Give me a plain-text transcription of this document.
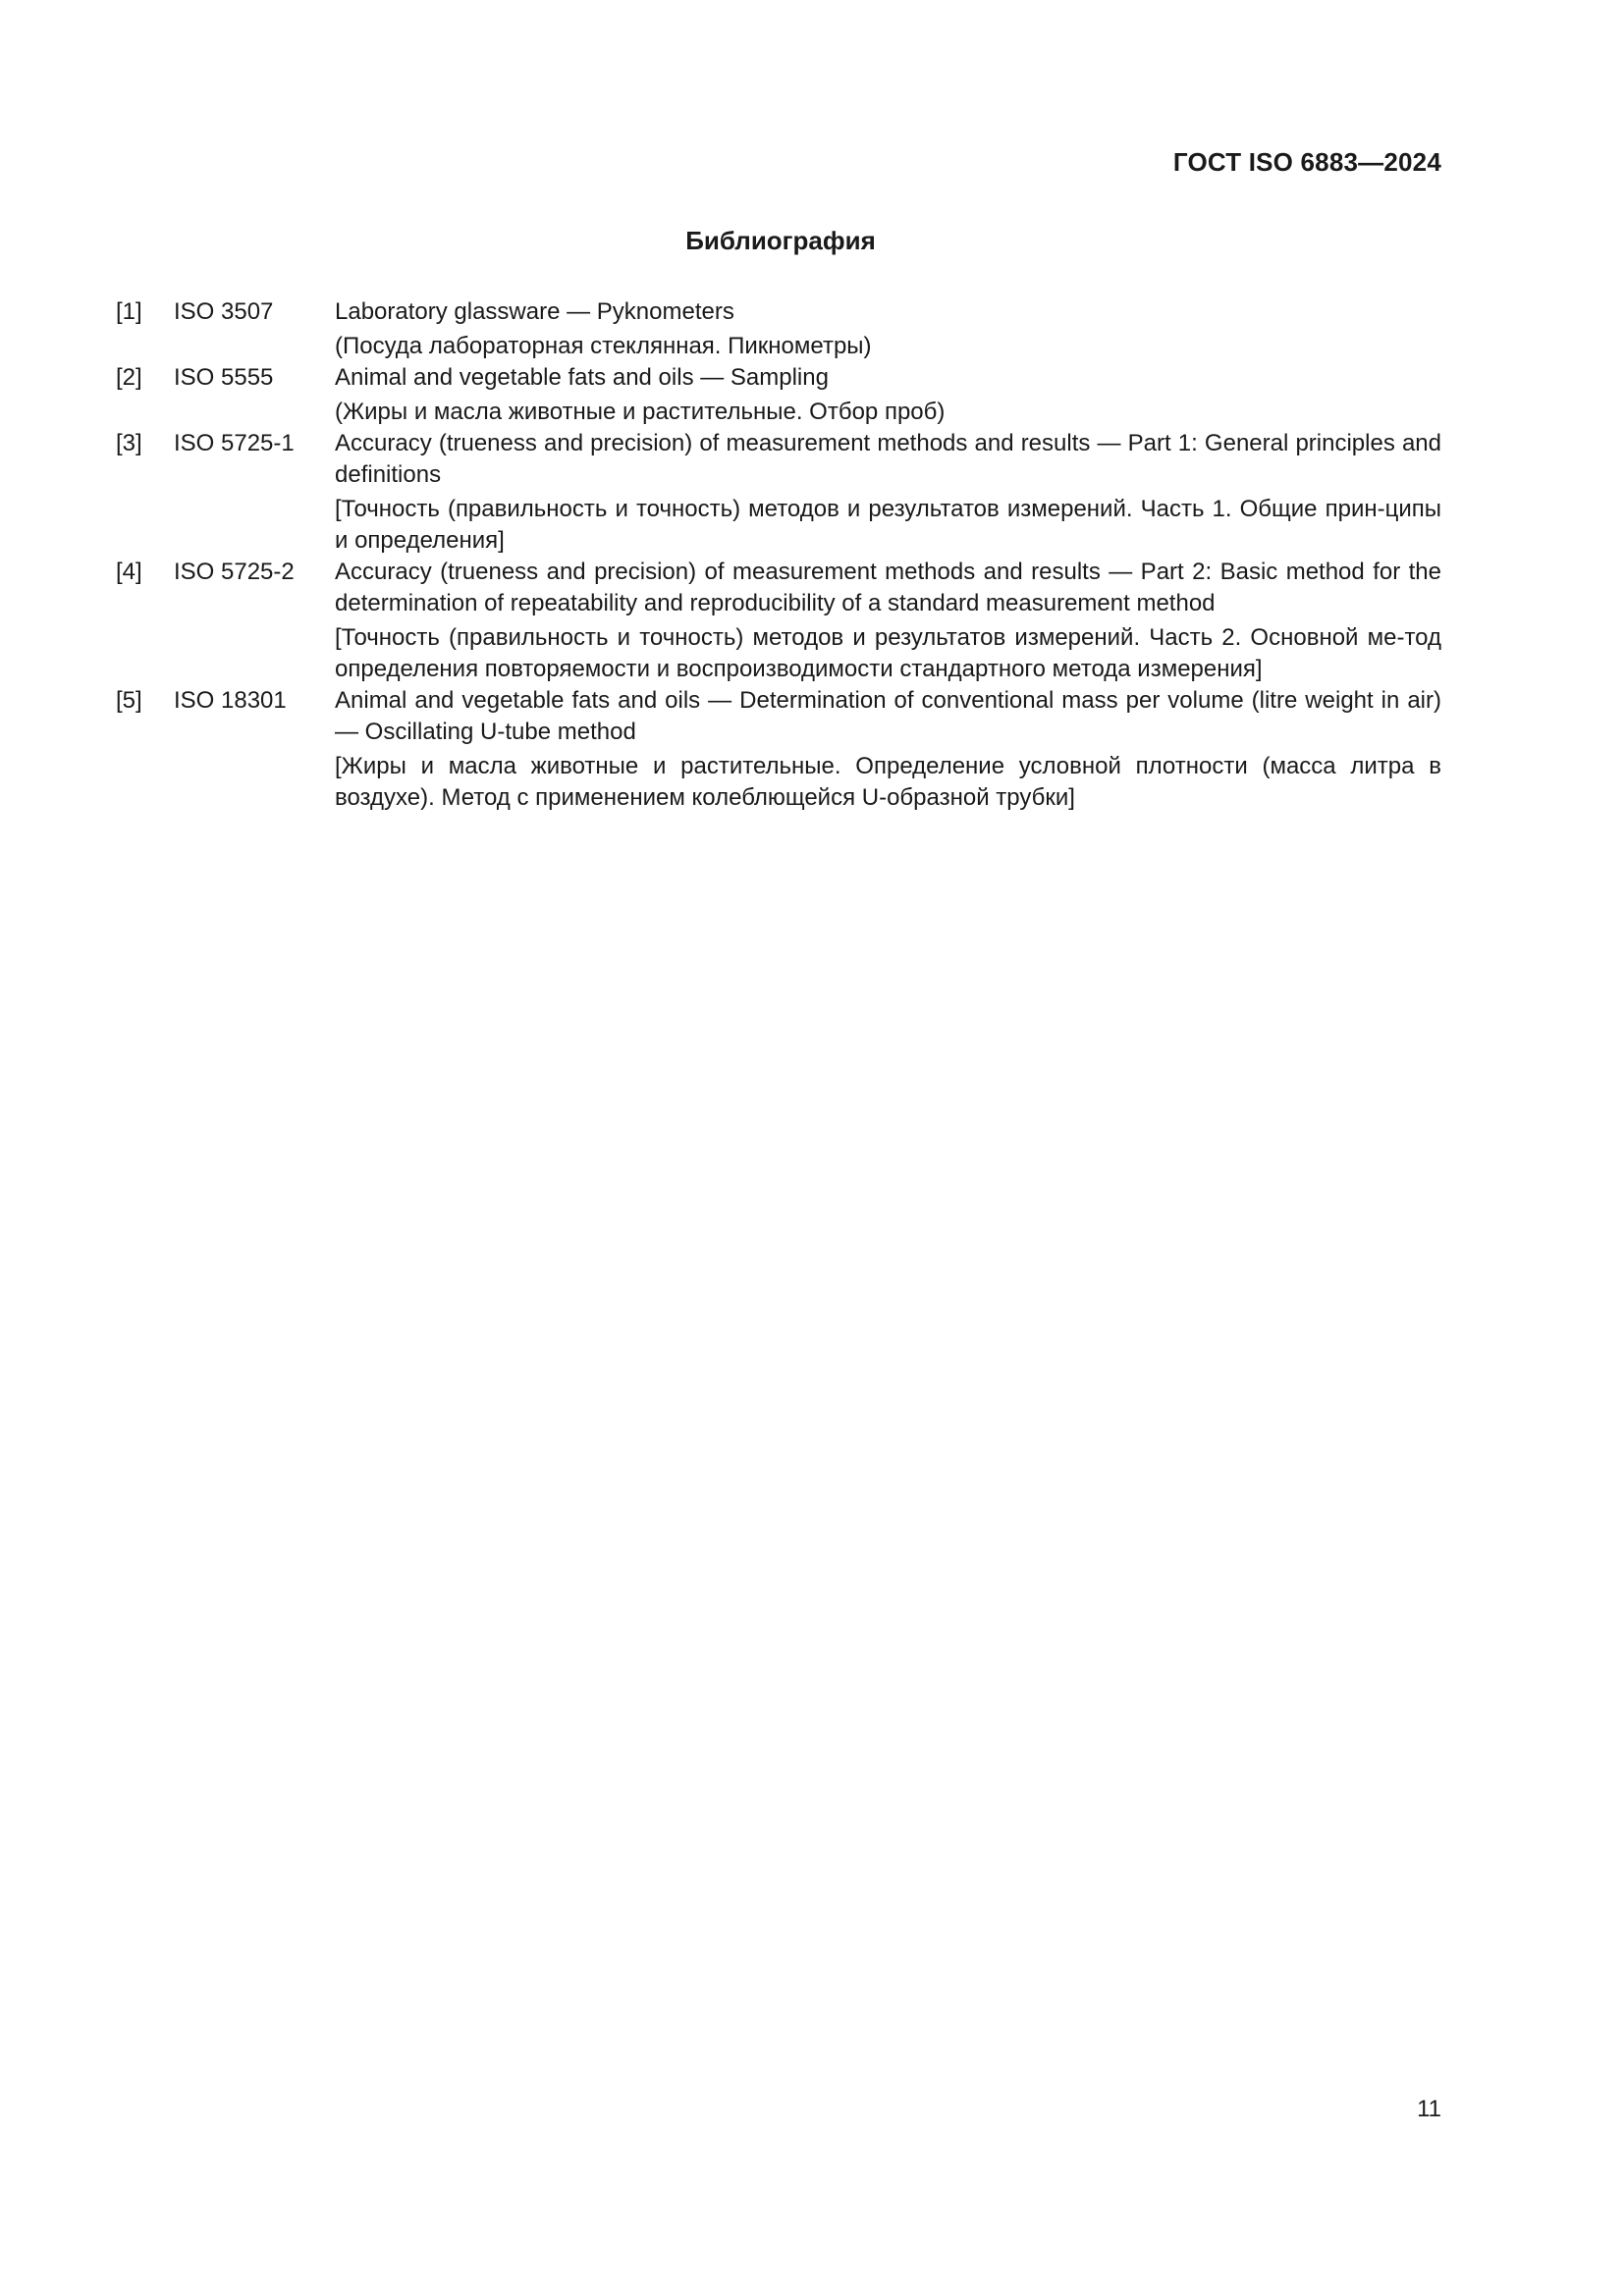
ГОСТ ISO 6883—2024
Библиография
[1]	ISO 3507	Laboratory glassware — Pyknometers

(Посуда лабораторная стеклянная. Пикнометры)

[2]	ISO 5555	Animal and vegetable fats and oils — Sampling

(Жиры и масла животные и растительные. Отбор проб)

[3]	ISO 5725-1	Accuracy (trueness and precision) of measurement methods and results — Part 1: General principles and definitions

[Точность (правильность и точность) методов и результатов измерений. Часть 1. Общие прин-ципы и определения]

[4]	ISO 5725-2	Accuracy (trueness and precision) of measurement methods and results — Part 2: Basic method for the determination of repeatability and reproducibility of a standard measurement method

[Точность (правильность и точность) методов и результатов измерений. Часть 2. Основной ме-тод определения повторяемости и воспроизводимости стандартного метода измерения]

[5]	ISO 18301	Animal and vegetable fats and oils — Determination of conventional mass per volume (litre weight in air) — Oscillating U-tube method

[Жиры и масла животные и растительные. Определение условной плотности (масса литра в воздухе). Метод с применением колеблющейся U-образной трубки]

11
